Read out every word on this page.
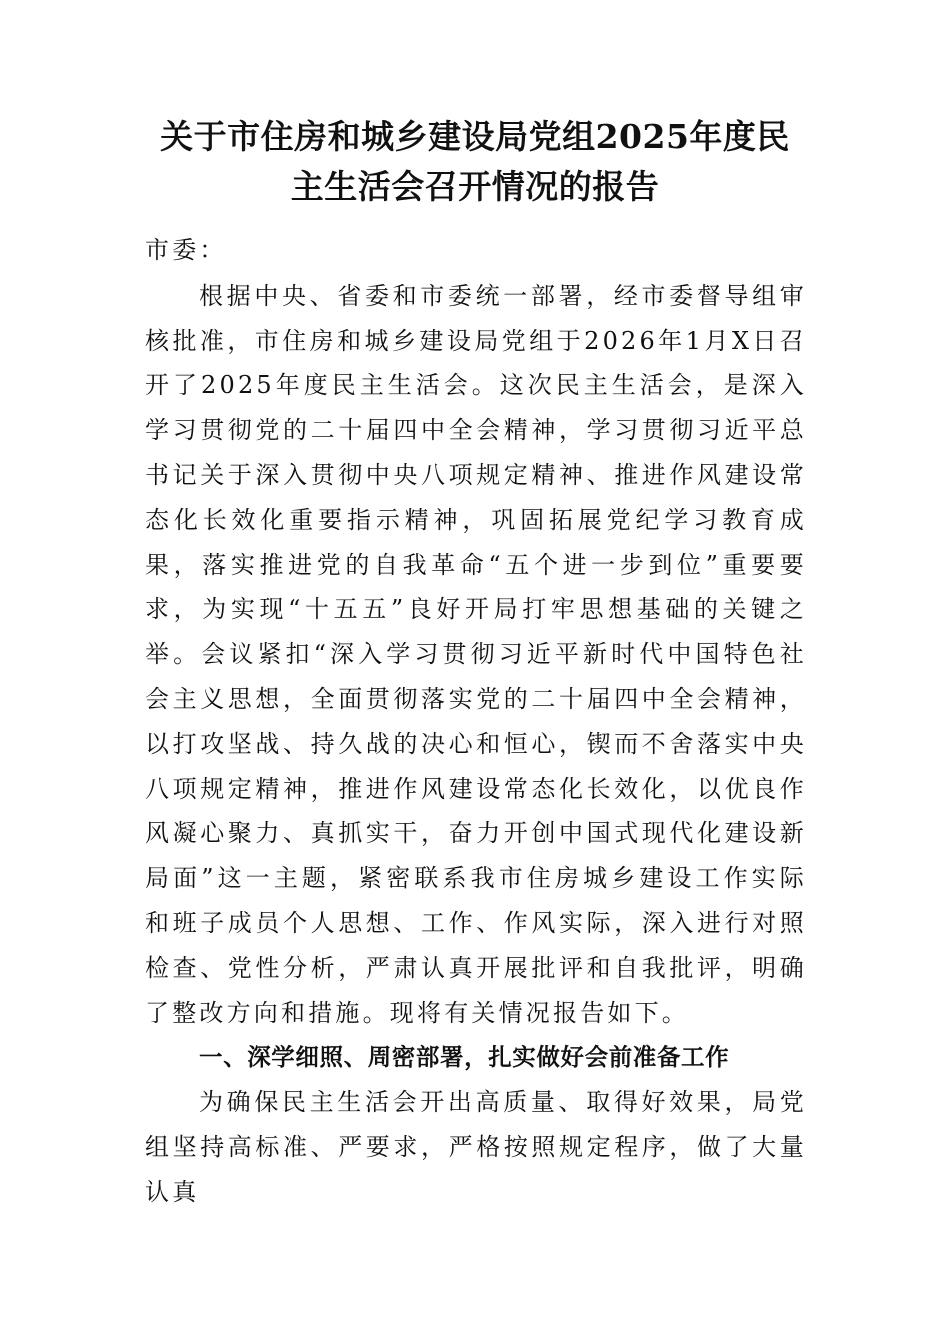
关于市住房和城乡建设局党组2025年度民
主生活会召开情况的报告

市委：

根据中央、省委和市委统一部署，经市委督导组审核批准，市住房和城乡建设局党组于2026年1月X日召开了2025年度民主生活会。这次民主生活会，是深入学习贯彻党的二十届四中全会精神，学习贯彻习近平总书记关于深入贯彻中央八项规定精神、推进作风建设常态化长效化重要指示精神，巩固拓展党纪学习教育成果，落实推进党的自我革命“五个进一步到位”重要要求，为实现“十五五”良好开局打牢思想基础的关键之举。会议紧扣“深入学习贯彻习近平新时代中国特色社会主义思想，全面贯彻落实党的二十届四中全会精神，以打攻坚战、持久战的决心和恒心，锲而不舍落实中央八项规定精神，推进作风建设常态化长效化，以优良作风凝心聚力、真抓实干，奋力开创中国式现代化建设新局面”这一主题，紧密联系我市住房城乡建设工作实际和班子成员个人思想、工作、作风实际，深入进行对照检查、党性分析，严肃认真开展批评和自我批评，明确了整改方向和措施。现将有关情况报告如下。

一、深学细照、周密部署，扎实做好会前准备工作

为确保民主生活会开出高质量、取得好效果，局党组坚持高标准、严要求，严格按照规定程序，做了大量认真
